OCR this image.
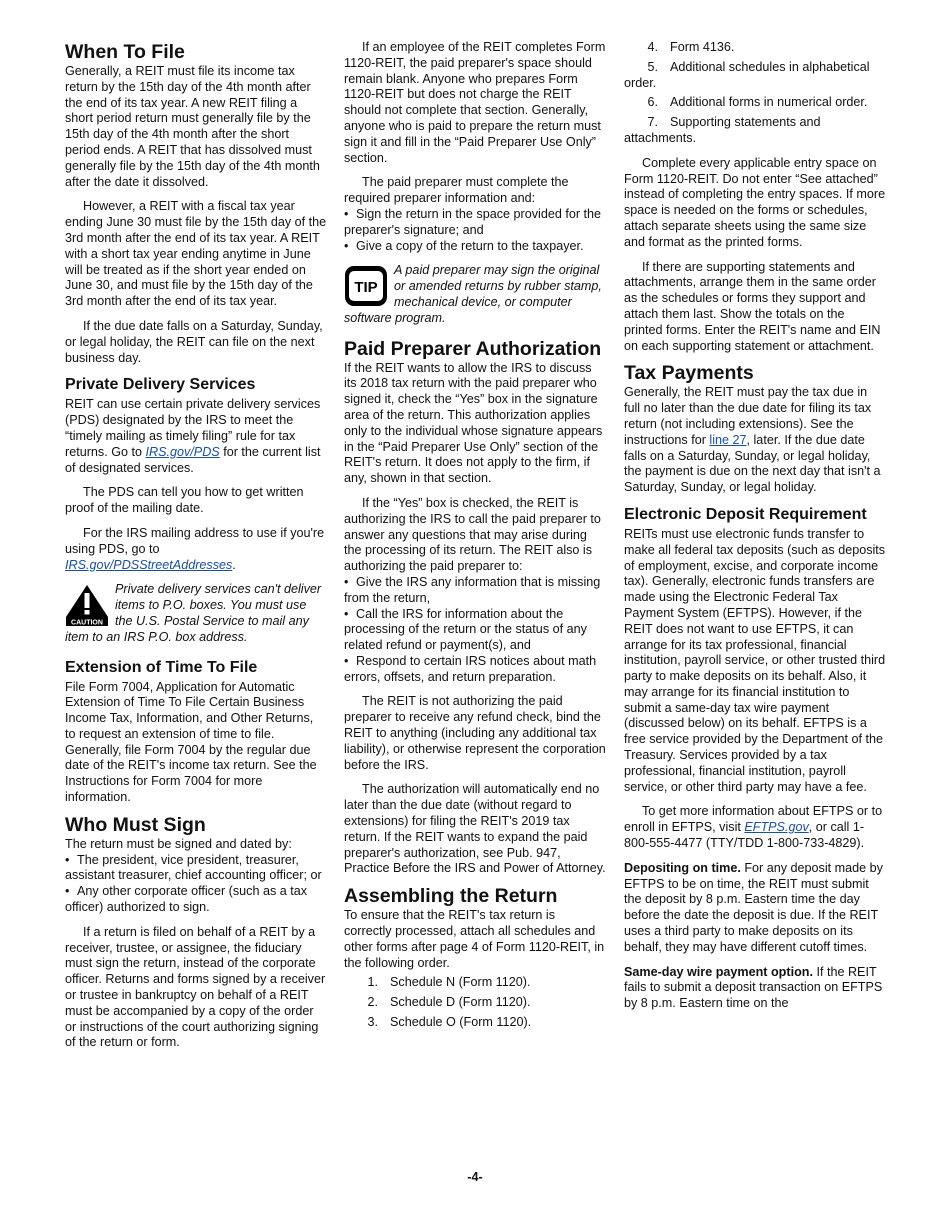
When To File

Generally, a REIT must file its income tax return by the 15th day of the 4th month after the end of its tax year. A new REIT filing a short period return must generally file by the 15th day of the 4th month after the short period ends. A REIT that has dissolved must generally file by the 15th day of the 4th month after the date it dissolved.

However, a REIT with a fiscal tax year ending June 30 must file by the 15th day of the 3rd month after the end of its tax year. A REIT with a short tax year ending anytime in June will be treated as if the short year ended on June 30, and must file by the 15th day of the 3rd month after the end of its tax year.

If the due date falls on a Saturday, Sunday, or legal holiday, the REIT can file on the next business day.

Private Delivery Services

REIT can use certain private delivery services (PDS) designated by the IRS to meet the “timely mailing as timely filing” rule for tax returns. Go to IRS.gov/PDS for the current list of designated services.

The PDS can tell you how to get written proof of the mailing date.

For the IRS mailing address to use if you're using PDS, go to IRS.gov/PDSStreetAddresses.

CAUTION
Private delivery services can't deliver items to P.O. boxes. You must use the U.S. Postal Service to mail any item to an IRS P.O. box address.
Extension of Time To File

File Form 7004, Application for Automatic Extension of Time To File Certain Business Income Tax, Information, and Other Returns, to request an extension of time to file. Generally, file Form 7004 by the regular due date of the REIT's income tax return. See the Instructions for Form 7004 for more information.

Who Must Sign
The return must be signed and dated by:
• The president, vice president, treasurer, assistant treasurer, chief accounting officer; or
• Any other corporate officer (such as a tax officer) authorized to sign.

If a return is filed on behalf of a REIT by a receiver, trustee, or assignee, the fiduciary must sign the return, instead of the corporate officer. Returns and forms signed by a receiver or trustee in bankruptcy on behalf of a REIT must be accompanied by a copy of the order or instructions of the court authorizing signing of the return or form.

If an employee of the REIT completes Form 1120-REIT, the paid preparer's space should remain blank. Anyone who prepares Form 1120-REIT but does not charge the REIT should not complete that section. Generally, anyone who is paid to prepare the return must sign it and fill in the “Paid Preparer Use Only” section.

The paid preparer must complete the required preparer information and:

• Sign the return in the space provided for the preparer's signature; and
• Give a copy of the return to the taxpayer.
TIP
A paid preparer may sign the original or amended returns by rubber stamp, mechanical device, or computer software program.
Paid Preparer Authorization

If the REIT wants to allow the IRS to discuss its 2018 tax return with the paid preparer who signed it, check the “Yes” box in the signature area of the return. This authorization applies only to the individual whose signature appears in the “Paid Preparer Use Only” section of the REIT's return. It does not apply to the firm, if any, shown in that section.

If the “Yes” box is checked, the REIT is authorizing the IRS to call the paid preparer to answer any questions that may arise during the processing of its return. The REIT also is authorizing the paid preparer to:

• Give the IRS any information that is missing from the return,
• Call the IRS for information about the processing of the return or the status of any related refund or payment(s), and
• Respond to certain IRS notices about math errors, offsets, and return preparation.

The REIT is not authorizing the paid preparer to receive any refund check, bind the REIT to anything (including any additional tax liability), or otherwise represent the corporation before the IRS.

The authorization will automatically end no later than the due date (without regard to extensions) for filing the REIT's 2019 tax return. If the REIT wants to expand the paid preparer's authorization, see Pub. 947, Practice Before the IRS and Power of Attorney.

Assembling the Return

To ensure that the REIT's tax return is correctly processed, attach all schedules and other forms after page 4 of Form 1120-REIT, in the following order.

1. Schedule N (Form 1120).
2. Schedule D (Form 1120).
3. Schedule O (Form 1120).
4. Form 4136.
5. Additional schedules in alphabetical order.
6. Additional forms in numerical order.
7. Supporting statements and attachments.

Complete every applicable entry space on Form 1120-REIT. Do not enter “See attached” instead of completing the entry spaces. If more space is needed on the forms or schedules, attach separate sheets using the same size and format as the printed forms.

If there are supporting statements and attachments, arrange them in the same order as the schedules or forms they support and attach them last. Show the totals on the printed forms. Enter the REIT's name and EIN on each supporting statement or attachment.

Tax Payments

Generally, the REIT must pay the tax due in full no later than the due date for filing its tax return (not including extensions). See the instructions for line 27, later. If the due date falls on a Saturday, Sunday, or legal holiday, the payment is due on the next day that isn't a Saturday, Sunday, or legal holiday.

Electronic Deposit Requirement

REITs must use electronic funds transfer to make all federal tax deposits (such as deposits of employment, excise, and corporate income tax). Generally, electronic funds transfers are made using the Electronic Federal Tax Payment System (EFTPS). However, if the REIT does not want to use EFTPS, it can arrange for its tax professional, financial institution, payroll service, or other trusted third party to make deposits on its behalf. Also, it may arrange for its financial institution to submit a same-day tax wire payment (discussed below) on its behalf. EFTPS is a free service provided by the Department of the Treasury. Services provided by a tax professional, financial institution, payroll service, or other third party may have a fee.

To get more information about EFTPS or to enroll in EFTPS, visit EFTPS.gov, or call 1-800-555-4477 (TTY/TDD 1-800-733-4829).

Depositing on time. For any deposit made by EFTPS to be on time, the REIT must submit the deposit by 8 p.m. Eastern time the day before the date the deposit is due. If the REIT uses a third party to make deposits on its behalf, they may have different cutoff times.

Same-day wire payment option. If the REIT fails to submit a deposit transaction on EFTPS by 8 p.m. Eastern time on the

-4-
